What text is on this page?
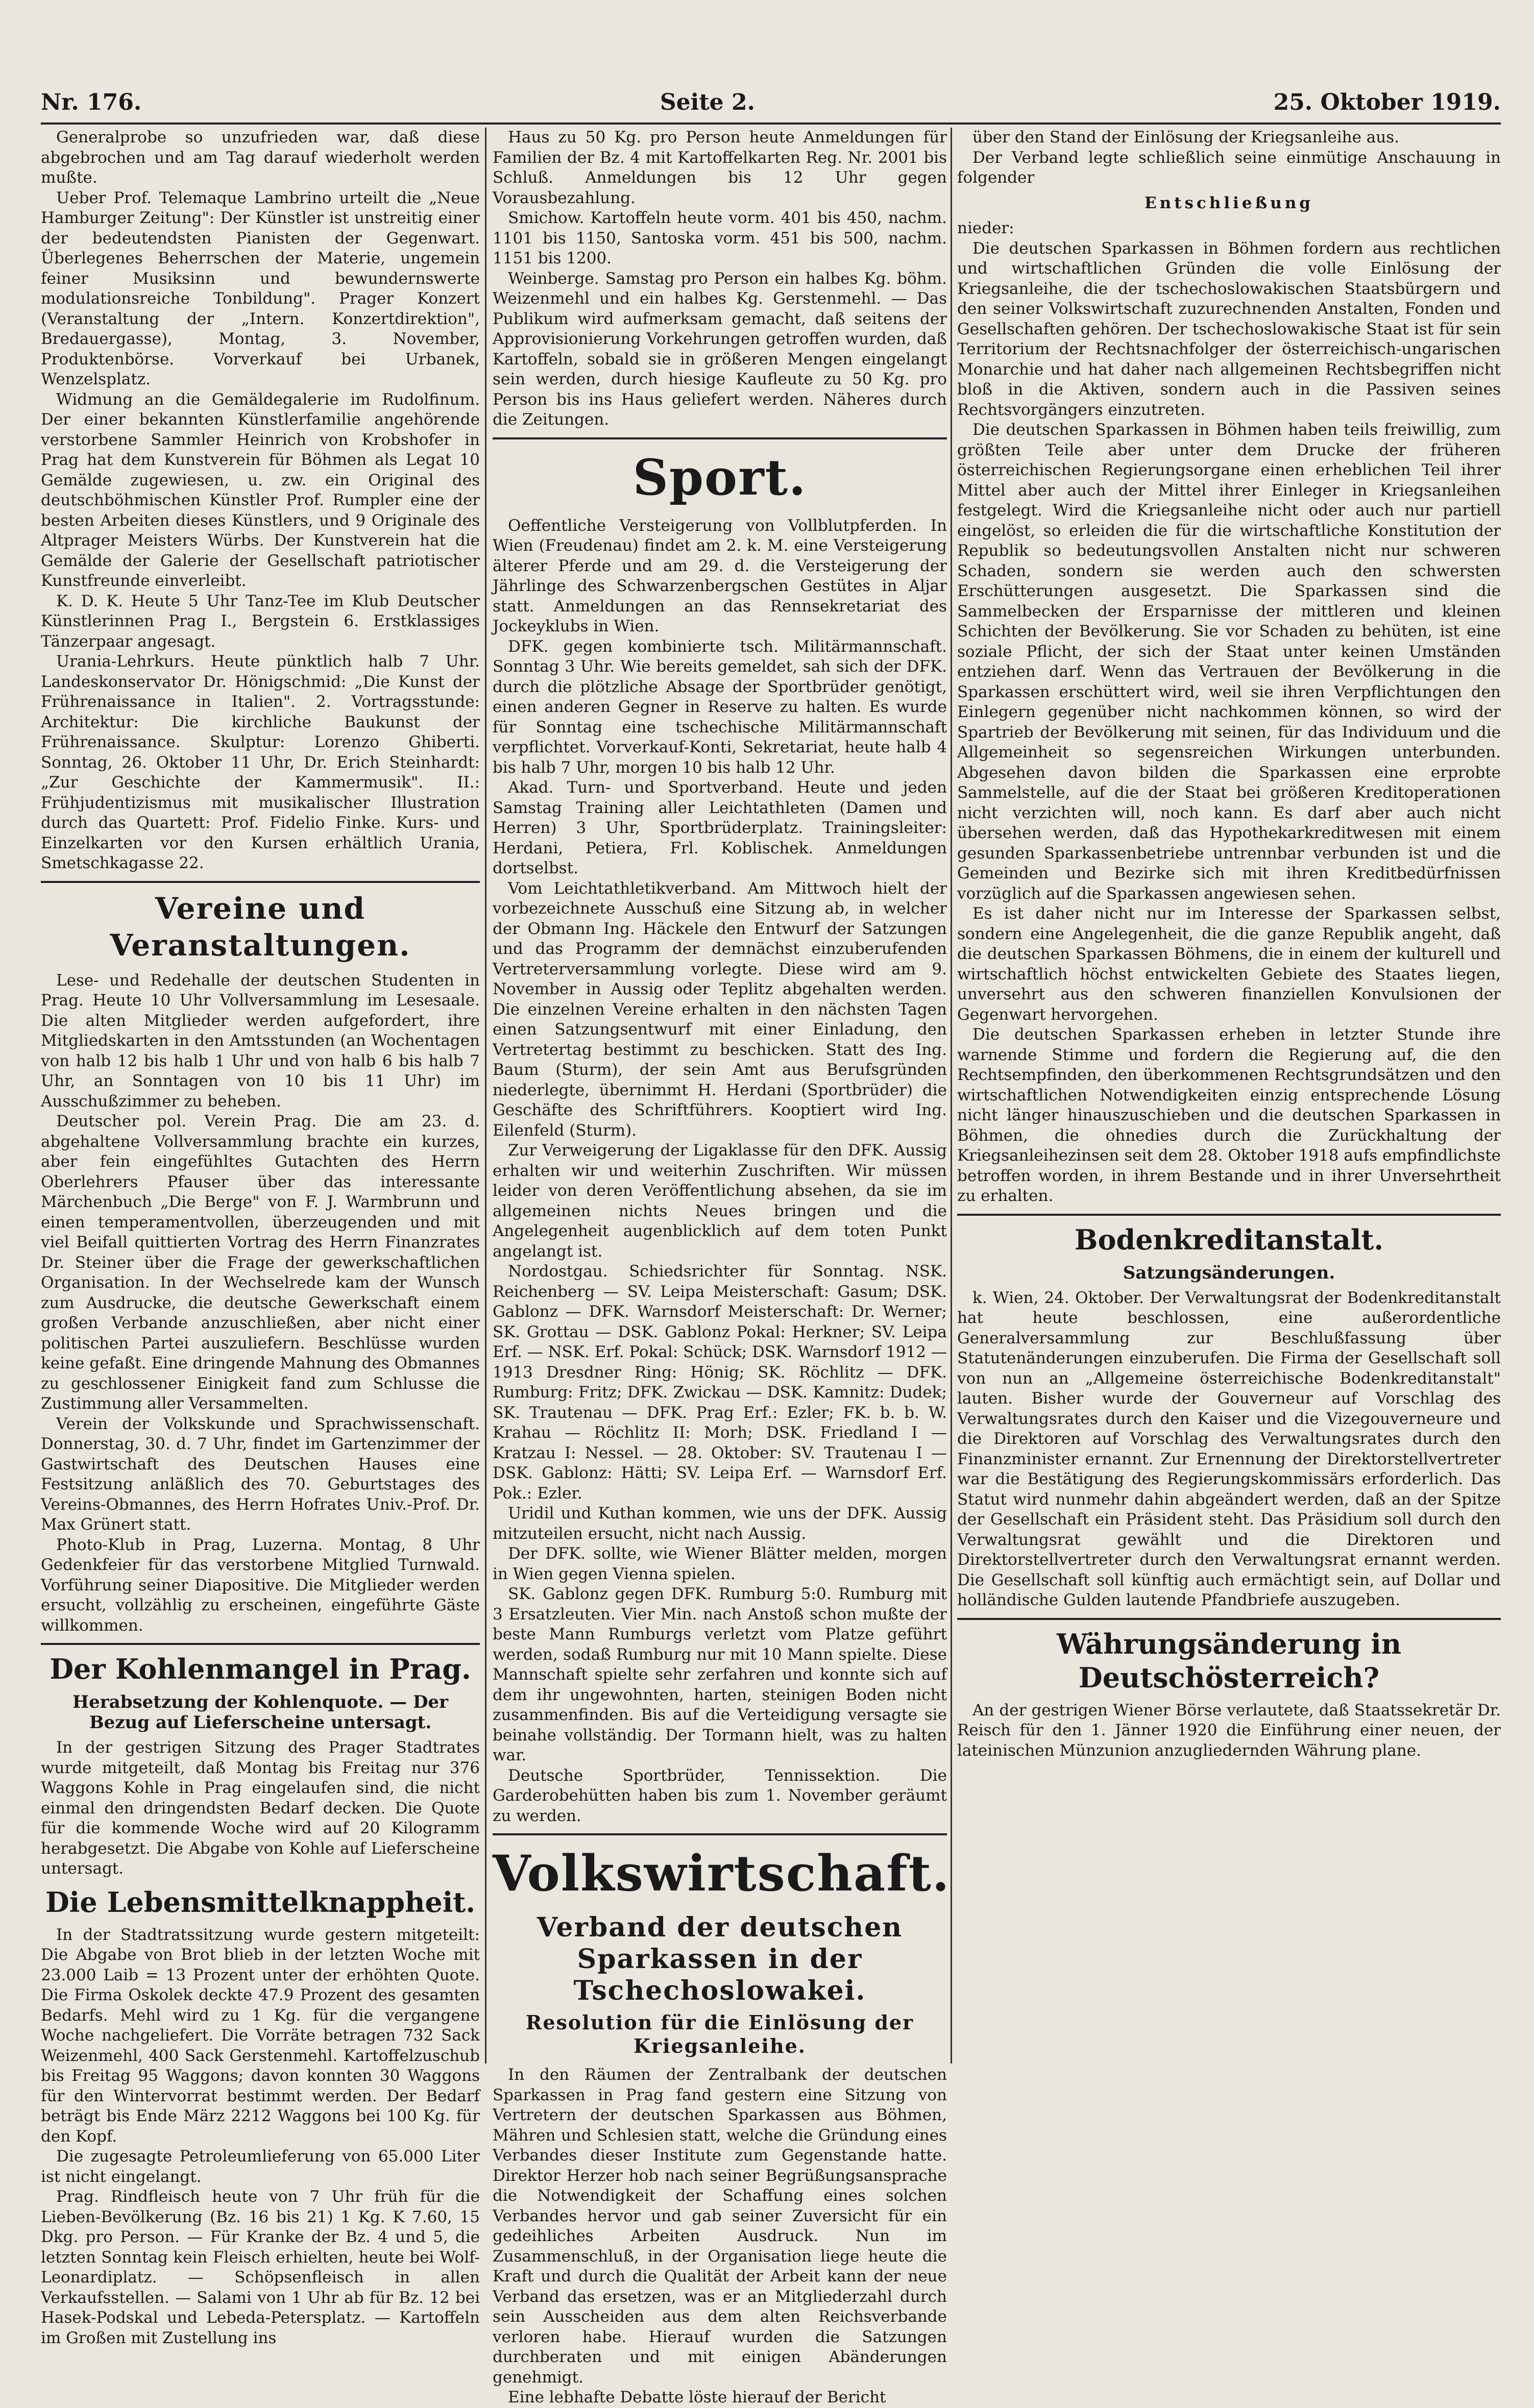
Nr. 176.	Seite 2.	25. Oktober 1919.

Generalprobe so unzufrieden war, daß diese abgebrochen und am Tag darauf wiederholt werden mußte.

Ueber Prof. Telemaque Lambrino urteilt die „Neue Hamburger Zeitung": Der Künstler ist unstreitig einer der bedeutendsten Pianisten der Gegenwart. Überlegenes Beherrschen der Materie, ungemein feiner Musiksinn und bewundernswerte modulationsreiche Tonbildung". Prager Konzert (Veranstaltung der „Intern. Konzertdirektion", Bredauergasse), Montag, 3. November, Produktenbörse. Vorverkauf bei Urbanek, Wenzelsplatz.

Widmung an die Gemäldegalerie im Rudolfinum. Der einer bekannten Künstlerfamilie angehörende verstorbene Sammler Heinrich von Krobshofer in Prag hat dem Kunstverein für Böhmen als Legat 10 Gemälde zugewiesen, u. zw. ein Original des deutschböhmischen Künstler Prof. Rumpler eine der besten Arbeiten dieses Künstlers, und 9 Originale des Altprager Meisters Würbs. Der Kunstverein hat die Gemälde der Galerie der Gesellschaft patriotischer Kunstfreunde einverleibt.

K. D. K. Heute 5 Uhr Tanz-Tee im Klub Deutscher Künstlerinnen Prag I., Bergstein 6. Erstklassiges Tänzerpaar angesagt.

Urania-Lehrkurs. Heute pünktlich halb 7 Uhr. Landeskonservator Dr. Hönigschmid: „Die Kunst der Frührenaissance in Italien". 2. Vortragsstunde: Architektur: Die kirchliche Baukunst der Frührenaissance. Skulptur: Lorenzo Ghiberti. Sonntag, 26. Oktober 11 Uhr, Dr. Erich Steinhardt: „Zur Geschichte der Kammermusik". II.: Frühjudentizismus mit musikalischer Illustration durch das Quartett: Prof. Fidelio Finke. Kurs- und Einzelkarten vor den Kursen erhältlich Urania, Smetschkagasse 22.

Vereine und Veranstaltungen.

Lese- und Redehalle der deutschen Studenten in Prag. Heute 10 Uhr Vollversammlung im Lesesaale. Die alten Mitglieder werden aufgefordert, ihre Mitgliedskarten in den Amtsstunden (an Wochentagen von halb 12 bis halb 1 Uhr und von halb 6 bis halb 7 Uhr, an Sonntagen von 10 bis 11 Uhr) im Ausschußzimmer zu beheben.

Deutscher pol. Verein Prag. Die am 23. d. abgehaltene Vollversammlung brachte ein kurzes, aber fein eingefühltes Gutachten des Herrn Oberlehrers Pfauser über das interessante Märchenbuch „Die Berge" von F. J. Warmbrunn und einen temperamentvollen, überzeugenden und mit viel Beifall quittierten Vortrag des Herrn Finanzrates Dr. Steiner über die Frage der gewerkschaftlichen Organisation. In der Wechselrede kam der Wunsch zum Ausdrucke, die deutsche Gewerkschaft einem großen Verbande anzuschließen, aber nicht einer politischen Partei auszuliefern. Beschlüsse wurden keine gefaßt. Eine dringende Mahnung des Obmannes zu geschlossener Einigkeit fand zum Schlusse die Zustimmung aller Versammelten.

Verein der Volkskunde und Sprachwissenschaft. Donnerstag, 30. d. 7 Uhr, findet im Gartenzimmer der Gastwirtschaft des Deutschen Hauses eine Festsitzung anläßlich des 70. Geburtstages des Vereins-Obmannes, des Herrn Hofrates Univ.-Prof. Dr. Max Grünert statt.

Photo-Klub in Prag, Luzerna. Montag, 8 Uhr Gedenkfeier für das verstorbene Mitglied Turnwald. Vorführung seiner Diapositive. Die Mitglieder werden ersucht, vollzählig zu erscheinen, eingeführte Gäste willkommen.

Der Kohlenmangel in Prag.
Herabsetzung der Kohlenquote. — Der Bezug auf Lieferscheine untersagt.

In der gestrigen Sitzung des Prager Stadtrates wurde mitgeteilt, daß Montag bis Freitag nur 376 Waggons Kohle in Prag eingelaufen sind, die nicht einmal den dringendsten Bedarf decken. Die Quote für die kommende Woche wird auf 20 Kilogramm herabgesetzt. Die Abgabe von Kohle auf Lieferscheine untersagt.

Die Lebensmittelknappheit.

In der Stadtratssitzung wurde gestern mitgeteilt: Die Abgabe von Brot blieb in der letzten Woche mit 23.000 Laib = 13 Prozent unter der erhöhten Quote. Die Firma Oskolek deckte 47.9 Prozent des gesamten Bedarfs. Mehl wird zu 1 Kg. für die vergangene Woche nachgeliefert. Die Vorräte betragen 732 Sack Weizenmehl, 400 Sack Gerstenmehl. Kartoffelzuschub bis Freitag 95 Waggons; davon konnten 30 Waggons für den Wintervorrat bestimmt werden. Der Bedarf beträgt bis Ende März 2212 Waggons bei 100 Kg. für den Kopf.

Die zugesagte Petroleumlieferung von 65.000 Liter ist nicht eingelangt.

Prag. Rindfleisch heute von 7 Uhr früh für die Lieben-Bevölkerung (Bz. 16 bis 21) 1 Kg. K 7.60, 15 Dkg. pro Person. — Für Kranke der Bz. 4 und 5, die letzten Sonntag kein Fleisch erhielten, heute bei Wolf-Leonardiplatz. — Schöpsenfleisch in allen Verkaufsstellen. — Salami von 1 Uhr ab für Bz. 12 bei Hasek-Podskal und Lebeda-Petersplatz. — Kartoffeln im Großen mit Zustellung ins

Haus zu 50 Kg. pro Person heute Anmeldungen für Familien der Bz. 4 mit Kartoffelkarten Reg. Nr. 2001 bis Schluß. Anmeldungen bis 12 Uhr gegen Vorausbezahlung.

Smichow. Kartoffeln heute vorm. 401 bis 450, nachm. 1101 bis 1150, Santoska vorm. 451 bis 500, nachm. 1151 bis 1200.

Weinberge. Samstag pro Person ein halbes Kg. böhm. Weizenmehl und ein halbes Kg. Gerstenmehl. — Das Publikum wird aufmerksam gemacht, daß seitens der Approvisionierung Vorkehrungen getroffen wurden, daß Kartoffeln, sobald sie in größeren Mengen eingelangt sein werden, durch hiesige Kaufleute zu 50 Kg. pro Person bis ins Haus geliefert werden. Näheres durch die Zeitungen.

Sport.

Oeffentliche Versteigerung von Vollblutpferden. In Wien (Freudenau) findet am 2. k. M. eine Versteigerung älterer Pferde und am 29. d. die Versteigerung der Jährlinge des Schwarzenbergschen Gestütes in Aljar statt. Anmeldungen an das Rennsekretariat des Jockeyklubs in Wien.

DFK. gegen kombinierte tsch. Militärmannschaft. Sonntag 3 Uhr. Wie bereits gemeldet, sah sich der DFK. durch die plötzliche Absage der Sportbrüder genötigt, einen anderen Gegner in Reserve zu halten. Es wurde für Sonntag eine tschechische Militärmannschaft verpflichtet. Vorverkauf-Konti, Sekretariat, heute halb 4 bis halb 7 Uhr, morgen 10 bis halb 12 Uhr.

Akad. Turn- und Sportverband. Heute und jeden Samstag Training aller Leichtathleten (Damen und Herren) 3 Uhr, Sportbrüderplatz. Trainingsleiter: Herdani, Petiera, Frl. Koblischek. Anmeldungen dortselbst.

Vom Leichtathletikverband. Am Mittwoch hielt der vorbezeichnete Ausschuß eine Sitzung ab, in welcher der Obmann Ing. Häckele den Entwurf der Satzungen und das Programm der demnächst einzuberufenden Vertreterversammlung vorlegte. Diese wird am 9. November in Aussig oder Teplitz abgehalten werden. Die einzelnen Vereine erhalten in den nächsten Tagen einen Satzungsentwurf mit einer Einladung, den Vertretertag bestimmt zu beschicken. Statt des Ing. Baum (Sturm), der sein Amt aus Berufsgründen niederlegte, übernimmt H. Herdani (Sportbrüder) die Geschäfte des Schriftführers. Kooptiert wird Ing. Eilenfeld (Sturm).

Zur Verweigerung der Ligaklasse für den DFK. Aussig erhalten wir und weiterhin Zuschriften. Wir müssen leider von deren Veröffentlichung absehen, da sie im allgemeinen nichts Neues bringen und die Angelegenheit augenblicklich auf dem toten Punkt angelangt ist.

Nordostgau. Schiedsrichter für Sonntag. NSK. Reichenberg — SV. Leipa Meisterschaft: Gasum; DSK. Gablonz — DFK. Warnsdorf Meisterschaft: Dr. Werner; SK. Grottau — DSK. Gablonz Pokal: Herkner; SV. Leipa Erf. — NSK. Erf. Pokal: Schück; DSK. Warnsdorf 1912 — 1913 Dresdner Ring: Hönig; SK. Röchlitz — DFK. Rumburg: Fritz; DFK. Zwickau — DSK. Kamnitz: Dudek; SK. Trautenau — DFK. Prag Erf.: Ezler; FK. b. b. W. Krahau — Röchlitz II: Morh; DSK. Friedland I — Kratzau I: Nessel. — 28. Oktober: SV. Trautenau I — DSK. Gablonz: Hätti; SV. Leipa Erf. — Warnsdorf Erf. Pok.: Ezler.

Uridil und Kuthan kommen, wie uns der DFK. Aussig mitzuteilen ersucht, nicht nach Aussig.

Der DFK. sollte, wie Wiener Blätter melden, morgen in Wien gegen Vienna spielen.

SK. Gablonz gegen DFK. Rumburg 5:0. Rumburg mit 3 Ersatzleuten. Vier Min. nach Anstoß schon mußte der beste Mann Rumburgs verletzt vom Platze geführt werden, sodaß Rumburg nur mit 10 Mann spielte. Diese Mannschaft spielte sehr zerfahren und konnte sich auf dem ihr ungewohnten, harten, steinigen Boden nicht zusammenfinden. Bis auf die Verteidigung versagte sie beinahe vollständig. Der Tormann hielt, was zu halten war.

Deutsche Sportbrüder, Tennissektion. Die Garderobehütten haben bis zum 1. November geräumt zu werden.

Volkswirtschaft.
Verband der deutschen Sparkassen in der Tschechoslowakei.
Resolution für die Einlösung der Kriegsanleihe.

In den Räumen der Zentralbank der deutschen Sparkassen in Prag fand gestern eine Sitzung von Vertretern der deutschen Sparkassen aus Böhmen, Mähren und Schlesien statt, welche die Gründung eines Verbandes dieser Institute zum Gegenstande hatte. Direktor Herzer hob nach seiner Begrüßungsansprache die Notwendigkeit der Schaffung eines solchen Verbandes hervor und gab seiner Zuversicht für ein gedeihliches Arbeiten Ausdruck. Nun im Zusammenschluß, in der Organisation liege heute die Kraft und durch die Qualität der Arbeit kann der neue Verband das ersetzen, was er an Mitgliederzahl durch sein Ausscheiden aus dem alten Reichsverbande verloren habe. Hierauf wurden die Satzungen durchberaten und mit einigen Abänderungen genehmigt.

Eine lebhafte Debatte löste hierauf der Bericht

über den Stand der Einlösung der Kriegsanleihe aus.

Der Verband legte schließlich seine einmütige Anschauung in folgender

Entschließung
nieder:

Die deutschen Sparkassen in Böhmen fordern aus rechtlichen und wirtschaftlichen Gründen die volle Einlösung der Kriegsanleihe, die der tschechoslowakischen Staatsbürgern und den seiner Volkswirtschaft zuzurechnenden Anstalten, Fonden und Gesellschaften gehören. Der tschechoslowakische Staat ist für sein Territorium der Rechtsnachfolger der österreichisch-ungarischen Monarchie und hat daher nach allgemeinen Rechtsbegriffen nicht bloß in die Aktiven, sondern auch in die Passiven seines Rechtsvorgängers einzutreten.

Die deutschen Sparkassen in Böhmen haben teils freiwillig, zum größten Teile aber unter dem Drucke der früheren österreichischen Regierungsorgane einen erheblichen Teil ihrer Mittel aber auch der Mittel ihrer Einleger in Kriegsanleihen festgelegt. Wird die Kriegsanleihe nicht oder auch nur partiell eingelöst, so erleiden die für die wirtschaftliche Konstitution der Republik so bedeutungsvollen Anstalten nicht nur schweren Schaden, sondern sie werden auch den schwersten Erschütterungen ausgesetzt. Die Sparkassen sind die Sammelbecken der Ersparnisse der mittleren und kleinen Schichten der Bevölkerung. Sie vor Schaden zu behüten, ist eine soziale Pflicht, der sich der Staat unter keinen Umständen entziehen darf. Wenn das Vertrauen der Bevölkerung in die Sparkassen erschüttert wird, weil sie ihren Verpflichtungen den Einlegern gegenüber nicht nachkommen können, so wird der Spartrieb der Bevölkerung mit seinen, für das Individuum und die Allgemeinheit so segensreichen Wirkungen unterbunden. Abgesehen davon bilden die Sparkassen eine erprobte Sammelstelle, auf die der Staat bei größeren Kreditoperationen nicht verzichten will, noch kann. Es darf aber auch nicht übersehen werden, daß das Hypothekarkreditwesen mit einem gesunden Sparkassenbetriebe untrennbar verbunden ist und die Gemeinden und Bezirke sich mit ihren Kreditbedürfnissen vorzüglich auf die Sparkassen angewiesen sehen.

Es ist daher nicht nur im Interesse der Sparkassen selbst, sondern eine Angelegenheit, die die ganze Republik angeht, daß die deutschen Sparkassen Böhmens, die in einem der kulturell und wirtschaftlich höchst entwickelten Gebiete des Staates liegen, unversehrt aus den schweren finanziellen Konvulsionen der Gegenwart hervorgehen.

Die deutschen Sparkassen erheben in letzter Stunde ihre warnende Stimme und fordern die Regierung auf, die den Rechtsempfinden, den überkommenen Rechtsgrundsätzen und den wirtschaftlichen Notwendigkeiten einzig entsprechende Lösung nicht länger hinauszuschieben und die deutschen Sparkassen in Böhmen, die ohnedies durch die Zurückhaltung der Kriegsanleihezinsen seit dem 28. Oktober 1918 aufs empfindlichste betroffen worden, in ihrem Bestande und in ihrer Unversehrtheit zu erhalten.

Bodenkreditanstalt.
Satzungsänderungen.

k. Wien, 24. Oktober. Der Verwaltungsrat der Bodenkreditanstalt hat heute beschlossen, eine außerordentliche Generalversammlung zur Beschlußfassung über Statutenänderungen einzuberufen. Die Firma der Gesellschaft soll von nun an „Allgemeine österreichische Bodenkreditanstalt" lauten. Bisher wurde der Gouverneur auf Vorschlag des Verwaltungsrates durch den Kaiser und die Vizegouverneure und die Direktoren auf Vorschlag des Verwaltungsrates durch den Finanzminister ernannt. Zur Ernennung der Direktorstellvertreter war die Bestätigung des Regierungskommissärs erforderlich. Das Statut wird nunmehr dahin abgeändert werden, daß an der Spitze der Gesellschaft ein Präsident steht. Das Präsidium soll durch den Verwaltungsrat gewählt und die Direktoren und Direktorstellvertreter durch den Verwaltungsrat ernannt werden. Die Gesellschaft soll künftig auch ermächtigt sein, auf Dollar und holländische Gulden lautende Pfandbriefe auszugeben.

Währungsänderung in Deutschösterreich?

An der gestrigen Wiener Börse verlautete, daß Staatssekretär Dr. Reisch für den 1. Jänner 1920 die Einführung einer neuen, der lateinischen Münzunion anzugliedernden Währung plane.
